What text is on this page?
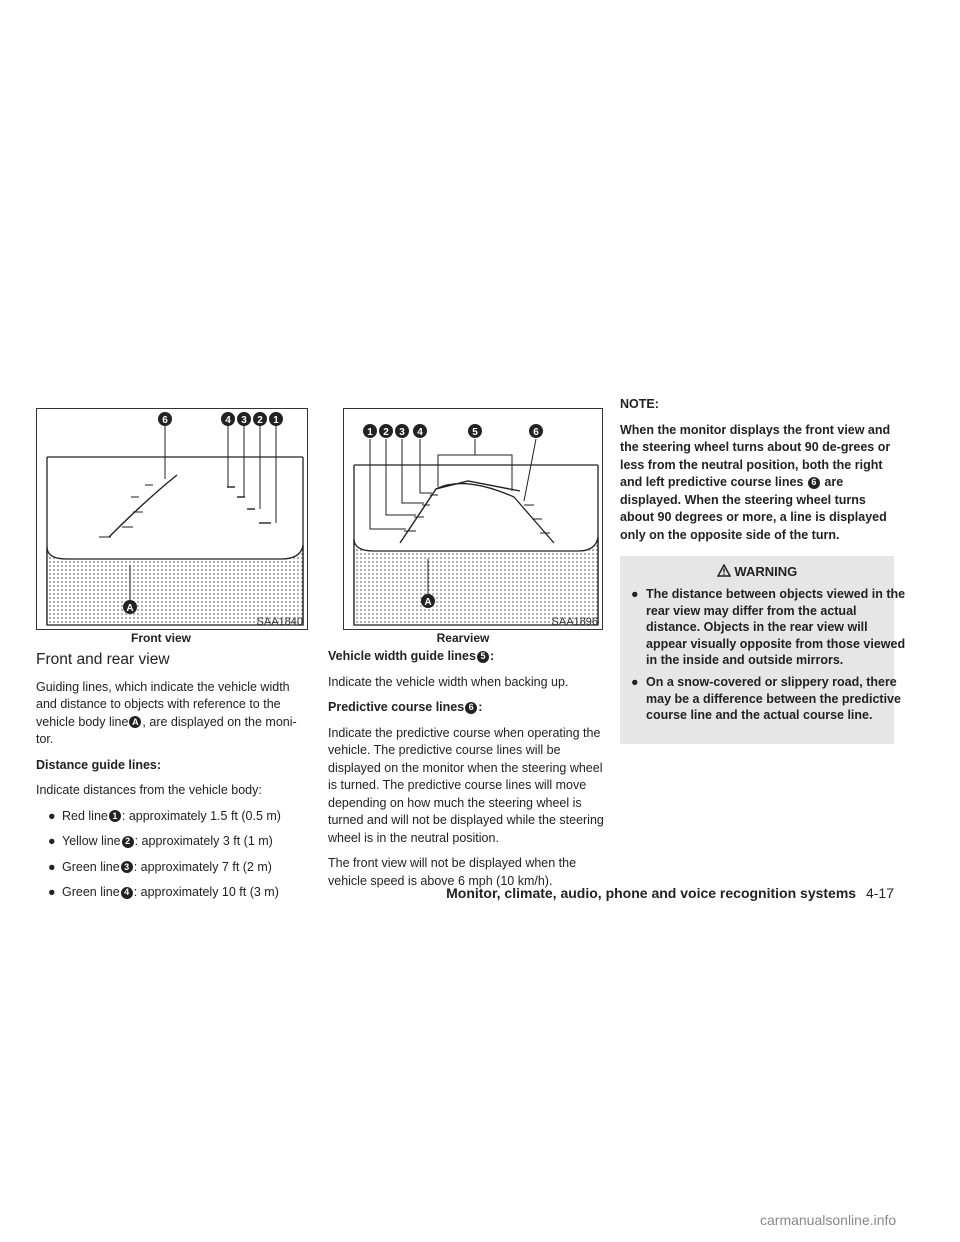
6	4 3 2 1
A
SAA1840
Front view
1 2 3 4	5	6
A
SAA1896
Rearview
Front and rear view

Guiding lines, which indicate the vehicle width and distance to objects with reference to the vehicle body line A , are displayed on the moni-tor.

Distance guide lines:

Indicate distances from the vehicle body:

● Red line 1 : approximately 1.5 ft (0.5 m)
● Yellow line 2 : approximately 3 ft (1 m)
● Green line 3 : approximately 7 ft (2 m)
● Green line 4 : approximately 10 ft (3 m)

Vehicle width guide lines 5 :

Indicate the vehicle width when backing up.

Predictive course lines 6 :

Indicate the predictive course when operating the vehicle. The predictive course lines will be displayed on the monitor when the steering wheel is turned. The predictive course lines will move depending on how much the steering wheel is turned and will not be displayed while the steering wheel is in the neutral position.

The front view will not be displayed when the vehicle speed is above 6 mph (10 km/h).

NOTE:

When the monitor displays the front view and the steering wheel turns about 90 de-grees or less from the neutral position, both the right and left predictive course lines 6 are displayed. When the steering wheel turns about 90 degrees or more, a line is displayed only on the opposite side of the turn.

WARNING
● The distance between objects viewed in the rear view may differ from the actual distance. Objects in the rear view will appear visually opposite from those viewed in the inside and outside mirrors.
● On a snow-covered or slippery road, there may be a difference between the predictive course line and the actual course line.
Monitor, climate, audio, phone and voice recognition systems 4-17
carmanualsonline.info
